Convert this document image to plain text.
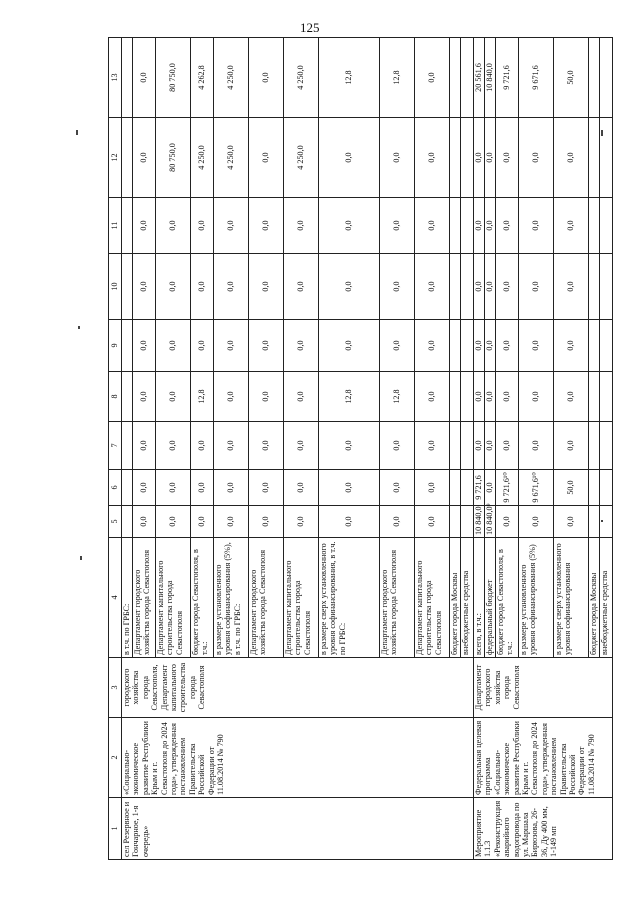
125
1	2	3	4	5	6	7	8	9	10	11	12	13
сел Резервное и Гончарное, 1-я очередь»	«Социально-экономическое развитие Республики Крым и г. Севастополя до 2024 года», утвержденная постановлением Правительства Российской Федерации от 11.08.2014 № 790	городского хозяйства города Севастополя, Департамент капитального строительства города Севастополя	в т.ч. по ГРБС:									
			Департамент городского хозяйства города Севастополя	0,0	0,0	0,0	0,0	0,0	0,0	0,0	0,0	0,0
			Департамент капитального строительства города Севастополя	0,0	0,0	0,0	0,0	0,0	0,0	0,0	80 750,0	80 750,0
			бюджет города Севастополя, в т.ч.:	0,0	0,0	0,0	12,8	0,0	0,0	0,0	4 250,0	4 262,8
			в размере установленного уровня софинансирования (5%), в т.ч. по ГРБС:	0,0	0,0	0,0	0,0	0,0	0,0	0,0	4 250,0	4 250,0
			Департамент городского хозяйства города Севастополя	0,0	0,0	0,0	0,0	0,0	0,0	0,0	0,0	0,0
			Департамент капитального строительства города Севастополя	0,0	0,0	0,0	0,0	0,0	0,0	0,0	4 250,0	4 250,0
			в размере сверх установленного уровня софинансирования, в т.ч. по ГРБС:	0,0	0,0	0,0	12,8	0,0	0,0	0,0	0,0	12,8
			Департамент городского хозяйства города Севастополя	0,0	0,0	0,0	12,8	0,0	0,0	0,0	0,0	12,8
			Департамент капитального строительства города Севастополя	0,0	0,0	0,0	0,0	0,0	0,0	0,0	0,0	0,0
			бюджет города Москвы									
			внебюджетные средства									
Мероприятие 1.1.3 «Реконструкция аварийного водопровода по ул. Маршала Бирюзова, 26-36, Ду 400 мм, 1-149 мп	Федеральная целевая программа «Социально-экономическое развитие Республики Крым и г. Севастополя до 2024 года», утвержденная постановлением Правительства Российской Федерации от 11.08.2014 № 790	Департамент городского хозяйства города Севастополя	всего, в т.ч.:	10 840,0	9 721,6	0,0	0,0	0,0	0,0	0,0	0,0	20 561,6
			федеральный бюджет	10 840,0⁹	0,0	0,0	0,0	0,0	0,0	0,0	0,0	10 840,0
			бюджет города Севастополя, в т.ч.:	0,0	9 721,6¹⁰	0,0	0,0	0,0	0,0	0,0	0,0	9 721,6
			в размере установленного уровня софинансирования (5%)	0,0	9 671,6¹⁰	0,0	0,0	0,0	0,0	0,0	0,0	9 671,6
			в размере сверх установленного уровня софинансирования	0,0	50,0	0,0	0,0	0,0	0,0	0,0	0,0	50,0
			бюджет города Москвы									
			внебюджетные средства									
